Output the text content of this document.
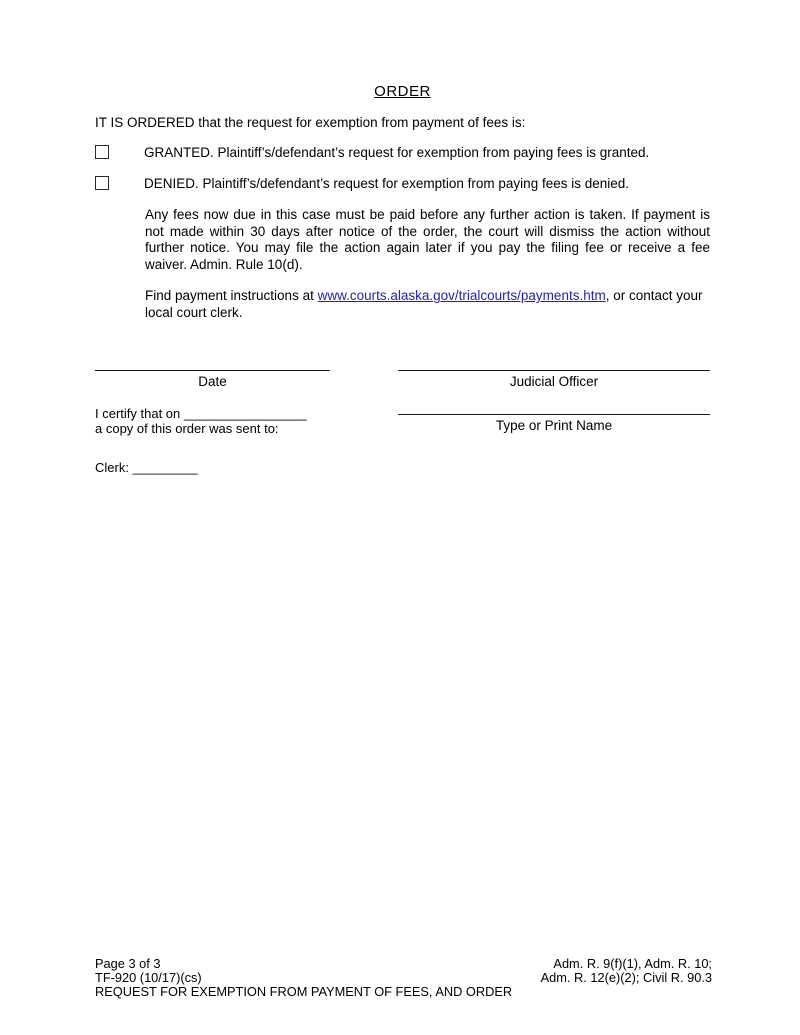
ORDER
IT IS ORDERED that the request for exemption from payment of fees is:
GRANTED. Plaintiff’s/defendant’s request for exemption from paying fees is granted.
DENIED. Plaintiff’s/defendant’s request for exemption from paying fees is denied.
Any fees now due in this case must be paid before any further action is taken. If payment is not made within 30 days after notice of the order, the court will dismiss the action without further notice. You may file the action again later if you pay the filing fee or receive a fee waiver. Admin. Rule 10(d).
Find payment instructions at www.courts.alaska.gov/trialcourts/payments.htm, or contact your local court clerk.
Date
I certify that on _________________
a copy of this order was sent to:
Clerk: _________
Judicial Officer
Type or Print Name
Page 3 of 3
TF-920 (10/17)(cs)
REQUEST FOR EXEMPTION FROM PAYMENT OF FEES, AND ORDER
Adm. R. 9(f)(1), Adm. R. 10;
Adm. R. 12(e)(2); Civil R. 90.3
